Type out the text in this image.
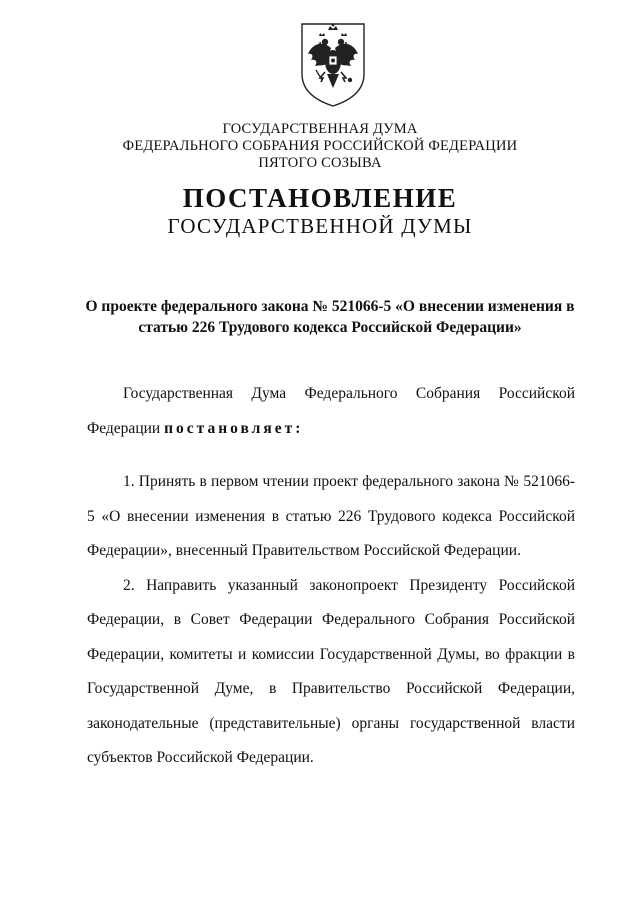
ГОСУДАРСТВЕННАЯ ДУМА
ФЕДЕРАЛЬНОГО СОБРАНИЯ РОССИЙСКОЙ ФЕДЕРАЦИИ
ПЯТОГО СОЗЫВА
ПОСТАНОВЛЕНИЕ
ГОСУДАРСТВЕННОЙ ДУМЫ
О проекте федерального закона № 521066-5 «О внесении изменения в
статью 226 Трудового кодекса Российской Федерации»

Государственная Дума Федерального Собрания Российской Федерации постановляет:

1. Принять в первом чтении проект федерального закона № 521066-5 «О внесении изменения в статью 226 Трудового кодекса Российской Федерации», внесенный Правительством Российской Федерации.

2. Направить указанный законопроект Президенту Российской Федерации, в Совет Федерации Федерального Собрания Российской Федерации, комитеты и комиссии Государственной Думы, во фракции в Государственной Думе, в Правительство Российской Федерации, законодательные (представительные) органы государственной власти субъектов Российской Федерации.
